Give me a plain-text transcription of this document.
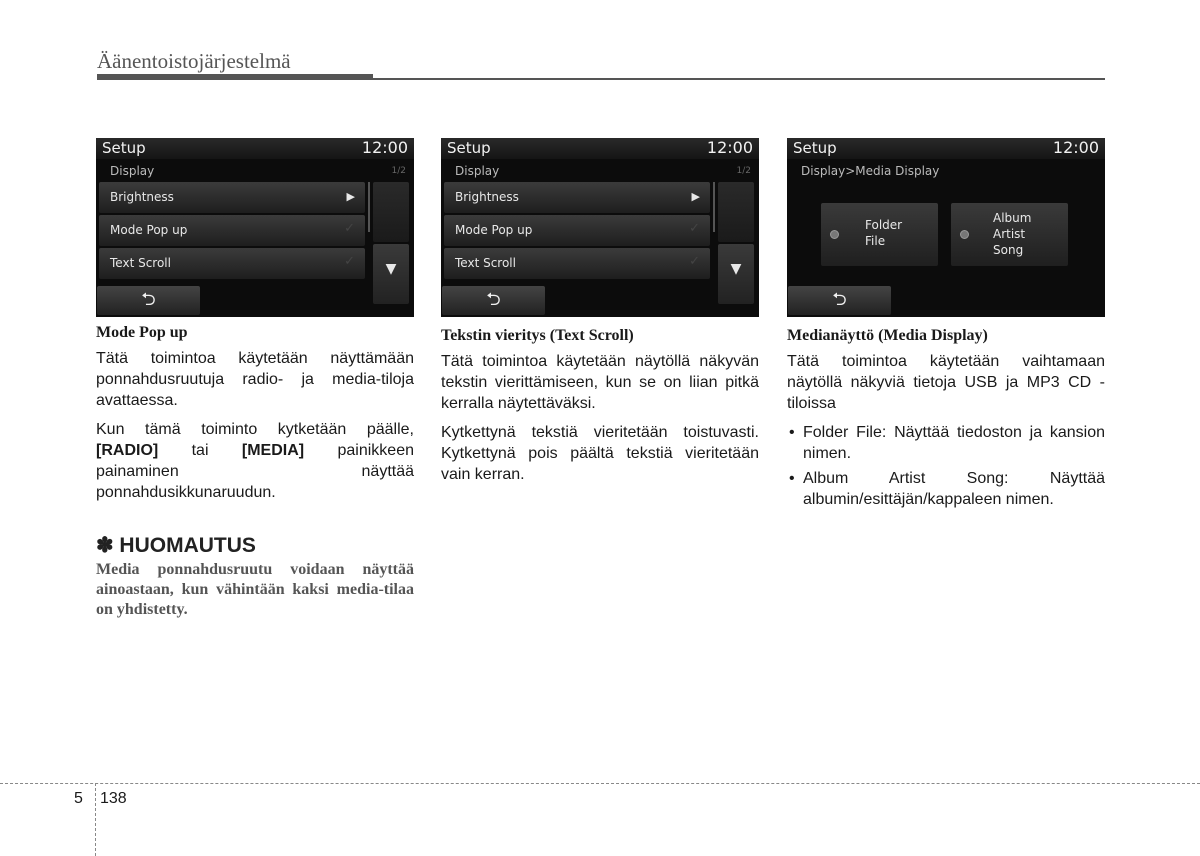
Äänentoistojärjestelmä
Setup	12:00
Display	1/2
Brightness	▶
Mode Pop up	✓
Text Scroll	✓	▼
⮌
Setup	12:00
Display	1/2
Brightness	▶
Mode Pop up	✓
Text Scroll	✓	▼
⮌
Setup	12:00
Display>Media Display
Folder
File
Album
Artist
Song
⮌
Mode Pop up
Tätä toimintoa käytetään näyttämään ponnahdusruutuja radio- ja media-tiloja avattaessa.
Kun tämä toiminto kytketään päälle, [RADIO] tai [MEDIA] painikkeen painaminen näyttää ponnahdusikkunaruudun.
✽ HUOMAUTUS
Media ponnahdusruutu voidaan näyttää ainoastaan, kun vähintään kaksi media-tilaa on yhdistetty.
Tekstin vieritys (Text Scroll)
Tätä toimintoa käytetään näytöllä näkyvän tekstin vierittämiseen, kun se on liian pitkä kerralla näytettäväksi.
Kytkettynä tekstiä vieritetään toistuvasti. Kytkettynä pois päältä tekstiä vieritetään vain kerran.
Medianäyttö (Media Display)
Tätä toimintoa käytetään vaihtamaan näytöllä näkyviä tietoja USB ja MP3 CD -tiloissa
• Folder File: Näyttää tiedoston ja kansion nimen.
• Album Artist Song: Näyttää albumin/esittäjän/kappaleen nimen.
5 138
